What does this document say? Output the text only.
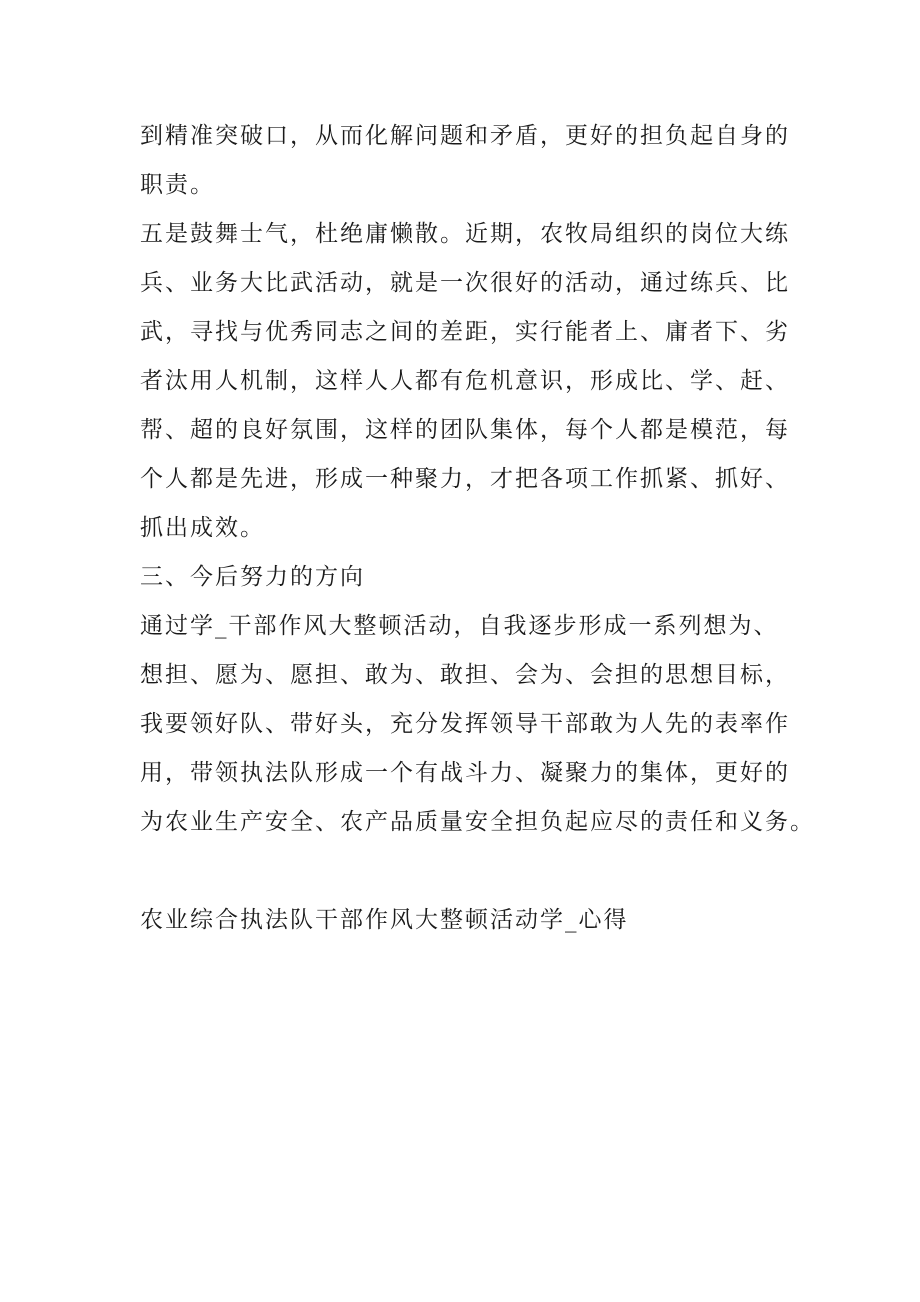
到精准突破口，从而化解问题和矛盾，更好的担负起自身的
职责。
五是鼓舞士气，杜绝庸懒散。近期，农牧局组织的岗位大练
兵、业务大比武活动，就是一次很好的活动，通过练兵、比
武，寻找与优秀同志之间的差距，实行能者上、庸者下、劣
者汰用人机制，这样人人都有危机意识，形成比、学、赶、
帮、超的良好氛围，这样的团队集体，每个人都是模范，每
个人都是先进，形成一种聚力，才把各项工作抓紧、抓好、
抓出成效。
三、今后努力的方向
通过学_干部作风大整顿活动，自我逐步形成一系列想为、
想担、愿为、愿担、敢为、敢担、会为、会担的思想目标，
我要领好队、带好头，充分发挥领导干部敢为人先的表率作
用，带领执法队形成一个有战斗力、凝聚力的集体，更好的
为农业生产安全、农产品质量安全担负起应尽的责任和义务。
农业综合执法队干部作风大整顿活动学_心得
